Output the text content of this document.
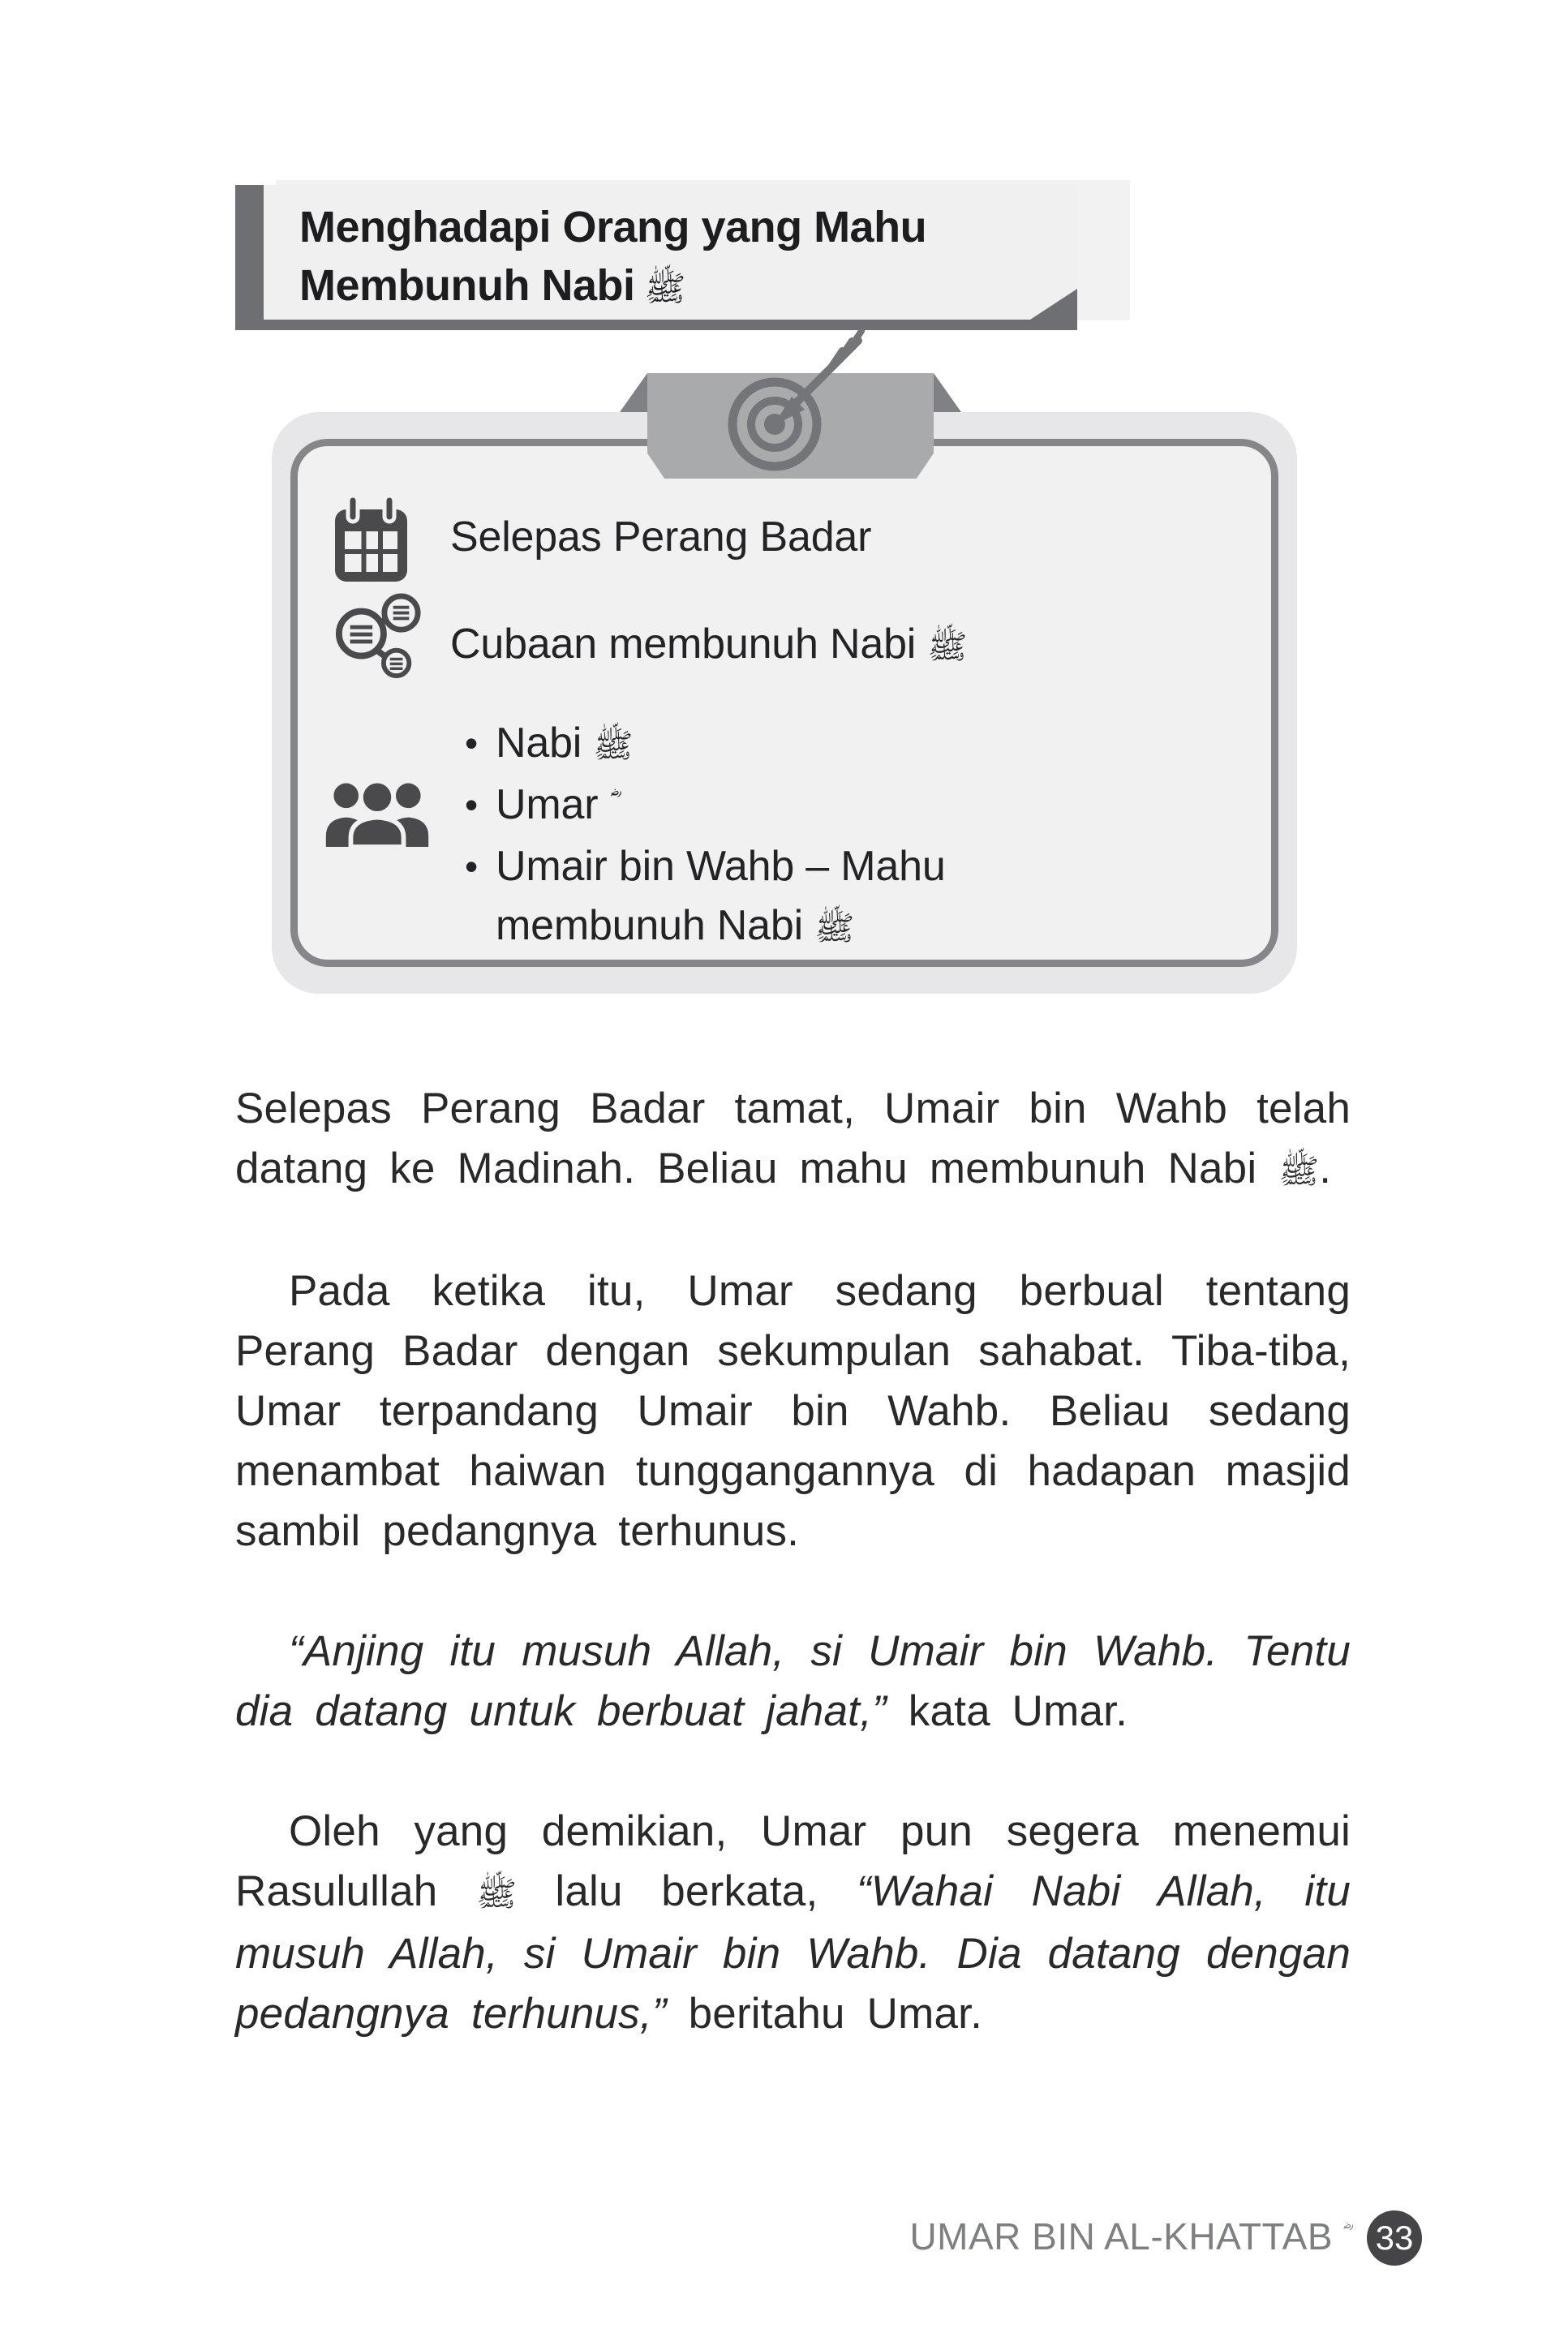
Menghadapi Orang yang Mahu
Membunuh Nabi ﷺ
Selepas Perang Badar
Cubaan membunuh Nabi ﷺ
• Nabi ﷺ
• Umar
• Umair bin Wahb – Mahu membunuh Nabi ﷺ

Selepas Perang Badar tamat, Umair bin Wahb telah datang ke Madinah. Beliau mahu membunuh Nabi ﷺ.

Pada ketika itu, Umar sedang berbual tentang Perang Badar dengan sekumpulan sahabat. Tiba-tiba, Umar terpandang Umair bin Wahb. Beliau sedang menambat haiwan tunggangannya di hadapan masjid sambil pedangnya terhunus.

“Anjing itu musuh Allah, si Umair bin Wahb. Tentu dia datang untuk berbuat jahat,” kata Umar.

Oleh yang demikian, Umar pun segera menemui Rasulullah ﷺ lalu berkata, “Wahai Nabi Allah, itu musuh Allah, si Umair bin Wahb. Dia datang dengan pedangnya terhunus,” beritahu Umar.

UMAR BIN AL-KHATTAB 33
